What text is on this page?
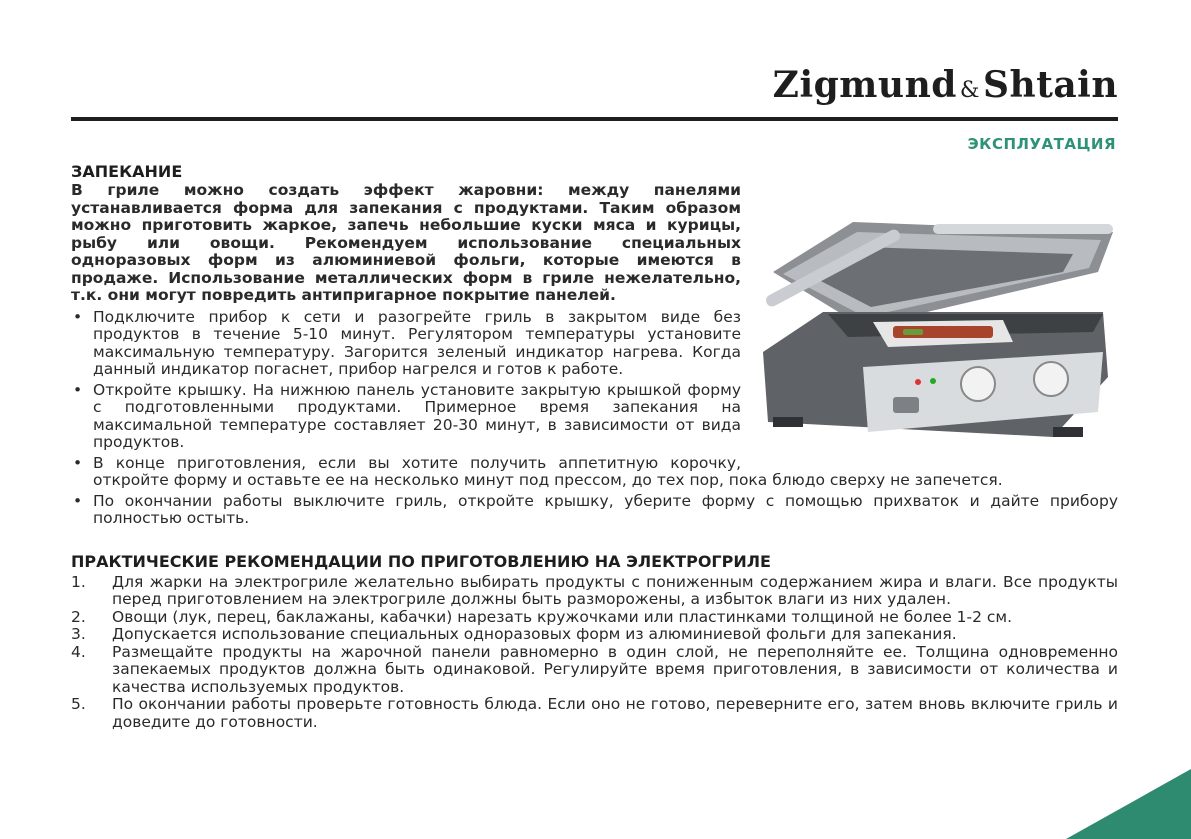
Zigmund &Shtain
ЭКСПЛУАТАЦИЯ
ЗАПЕКАНИЕ

В гриле можно создать эффект жаровни: между панелями устанавливается форма для запекания с продуктами. Таким образом можно приготовить жаркое, запечь небольшие куски мяса и курицы, рыбу или овощи. Рекомендуем использование специальных одноразовых форм из алюминиевой фольги, которые имеются в продаже. Использование металлических форм в гриле нежелательно, т.к. они могут повредить антипригарное покрытие панелей.

• Подключите прибор к сети и разогрейте гриль в закрытом виде без продуктов в течение 5-10 минут. Регулятором температуры установите максимальную температуру. Загорится зеленый индикатор нагрева. Когда данный индикатор погаснет, прибор нагрелся и готов к работе.
• Откройте крышку. На нижнюю панель установите закрытую крышкой форму с подготовленными продуктами. Примерное время запекания на максимальной температуре составляет 20-30 минут, в зависимости от вида продуктов.
• В конце приготовления, если вы хотите получить аппетитную корочку, откройте форму и оставьте ее на несколько минут под прессом, до тех пор, пока блюдо сверху не запечется.
• По окончании работы выключите гриль, откройте крышку, уберите форму с помощью прихваток и дайте прибору полностью остыть.
ПРАКТИЧЕСКИЕ РЕКОМЕНДАЦИИ ПО ПРИГОТОВЛЕНИЮ НА ЭЛЕКТРОГРИЛЕ
1. Для жарки на электрогриле желательно выбирать продукты с пониженным содержанием жира и влаги. Все продукты перед приготовлением на электрогриле должны быть разморожены, а избыток влаги из них удален.
2. Овощи (лук, перец, баклажаны, кабачки) нарезать кружочками или пластинками толщиной не более 1-2 см.
3. Допускается использование специальных одноразовых форм из алюминиевой фольги для запекания.
4. Размещайте продукты на жарочной панели равномерно в один слой, не переполняйте ее. Толщина одновременно запекаемых продуктов должна быть одинаковой. Регулируйте время приготовления, в зависимости от количества и качества используемых продуктов.
5. По окончании работы проверьте готовность блюда. Если оно не готово, переверните его, затем вновь включите гриль и доведите до готовности.
